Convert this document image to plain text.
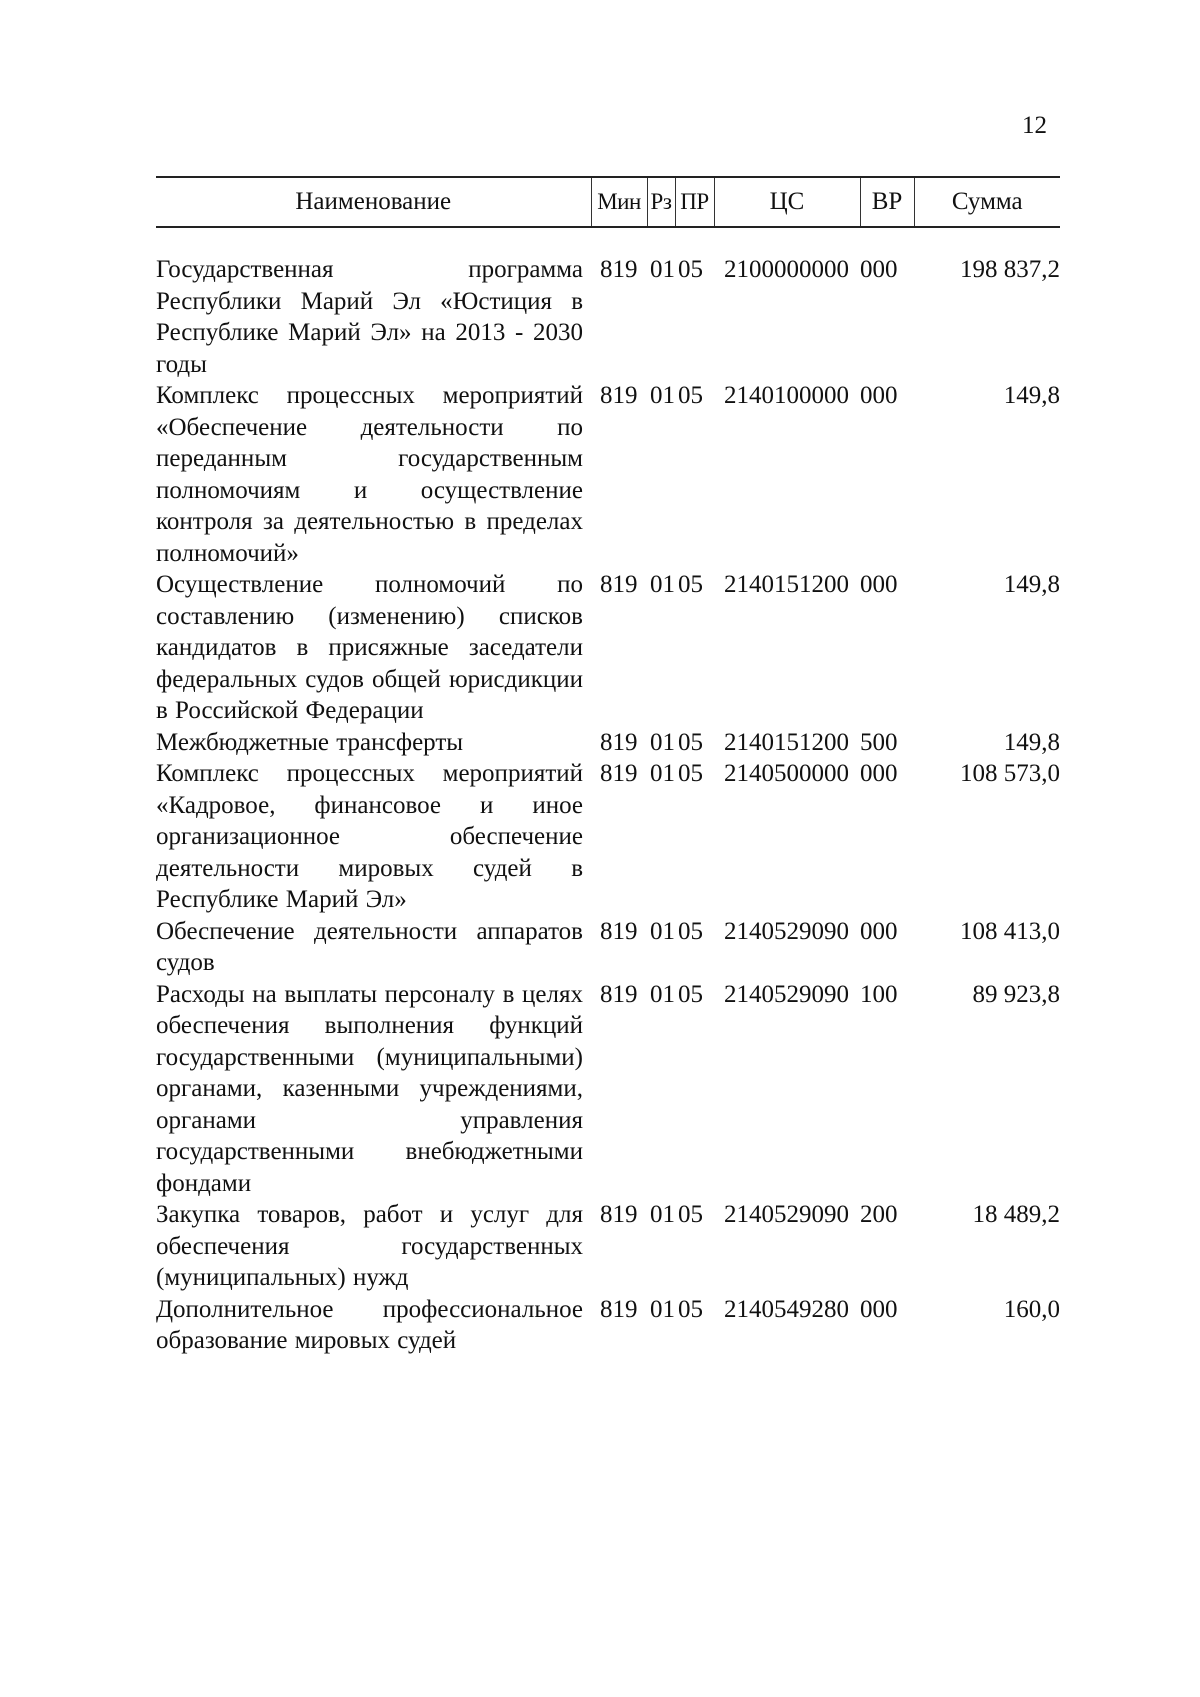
12
Наименование	Мин	Рз	ПР	ЦС	ВР	Сумма

Государственная программа Республики Марий Эл «Юстиция в Республике Марий Эл» на 2013 - 2030 годы	819	01	05	2100000000	000	198 837,2
Комплекс процессных мероприятий «Обеспечение деятельности по переданным государственным полномочиям и осуществление контроля за деятельностью в пределах полномочий»	819	01	05	2140100000	000	149,8
Осуществление полномочий по составлению (изменению) списков кандидатов в присяжные заседатели федеральных судов общей юрисдикции в Российской Федерации	819	01	05	2140151200	000	149,8
Межбюджетные трансферты	819	01	05	2140151200	500	149,8
Комплекс процессных мероприятий «Кадровое, финансовое и иное организационное обеспечение деятельности мировых судей в Республике Марий Эл»	819	01	05	2140500000	000	108 573,0
Обеспечение деятельности аппаратов судов	819	01	05	2140529090	000	108 413,0
Расходы на выплаты персоналу в целях обеспечения выполнения функций государственными (муниципальными) органами, казенными учреждениями, органами управления государственными внебюджетными фондами	819	01	05	2140529090	100	89 923,8
Закупка товаров, работ и услуг для обеспечения государственных (муниципальных) нужд	819	01	05	2140529090	200	18 489,2
Дополнительное профессиональное образование мировых судей	819	01	05	2140549280	000	160,0
